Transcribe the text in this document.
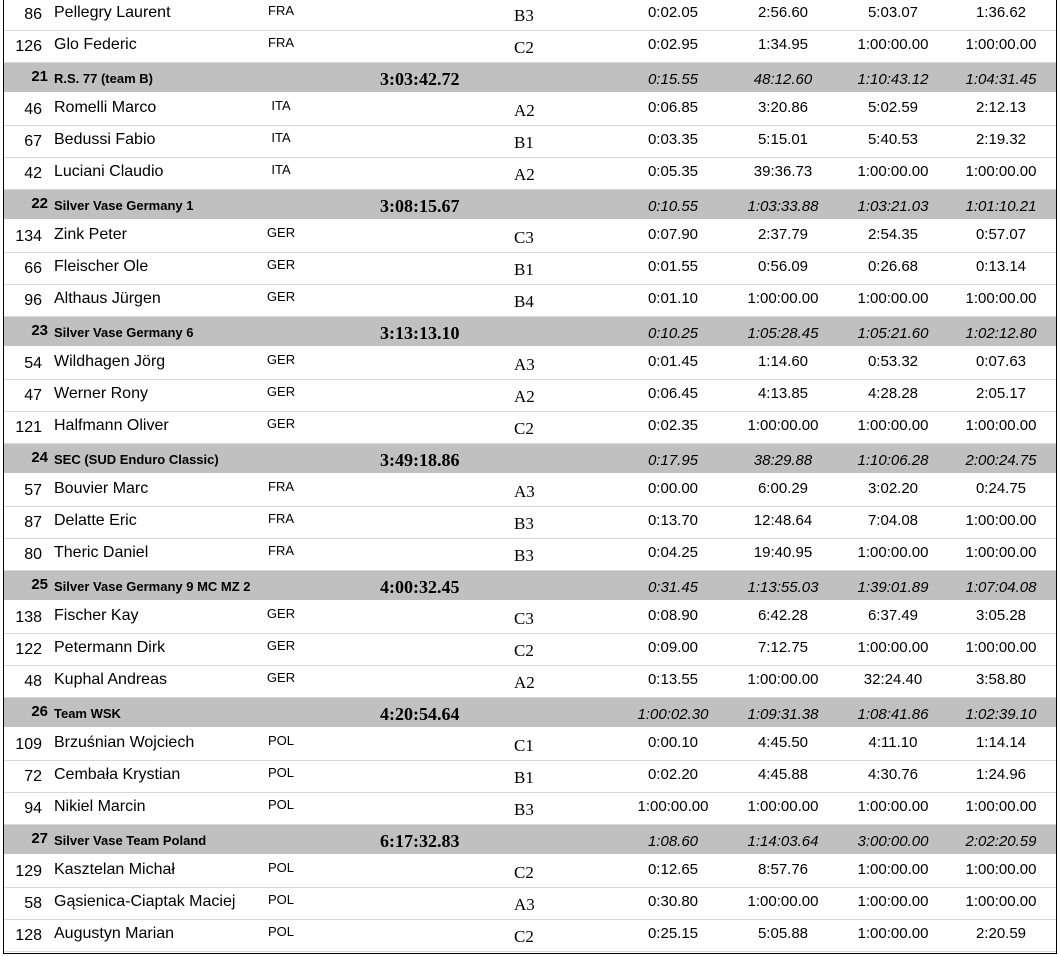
86 Pellegry Laurent	FRA	B3	0:02.05	2:56.60	5:03.07	1:36.62
126 Glo Federic	FRA	C2	0:02.95	1:34.95	1:00:00.00	1:00:00.00
21 R.S. 77 (team B)	3:03:42.72	0:15.55	48:12.60	1:10:43.12	1:04:31.45
46 Romelli Marco	ITA	A2	0:06.85	3:20.86	5:02.59	2:12.13
67 Bedussi Fabio	ITA	B1	0:03.35	5:15.01	5:40.53	2:19.32
42 Luciani Claudio	ITA	A2	0:05.35	39:36.73	1:00:00.00	1:00:00.00
22 Silver Vase Germany 1	3:08:15.67	0:10.55	1:03:33.88	1:03:21.03	1:01:10.21
134 Zink Peter	GER	C3	0:07.90	2:37.79	2:54.35	0:57.07
66 Fleischer Ole	GER	B1	0:01.55	0:56.09	0:26.68	0:13.14
96 Althaus Jürgen	GER	B4	0:01.10	1:00:00.00	1:00:00.00	1:00:00.00
23 Silver Vase Germany 6	3:13:13.10	0:10.25	1:05:28.45	1:05:21.60	1:02:12.80
54 Wildhagen Jörg	GER	A3	0:01.45	1:14.60	0:53.32	0:07.63
47 Werner Rony	GER	A2	0:06.45	4:13.85	4:28.28	2:05.17
121 Halfmann Oliver	GER	C2	0:02.35	1:00:00.00	1:00:00.00	1:00:00.00
24 SEC (SUD Enduro Classic)	3:49:18.86	0:17.95	38:29.88	1:10:06.28	2:00:24.75
57 Bouvier Marc	FRA	A3	0:00.00	6:00.29	3:02.20	0:24.75
87 Delatte Eric	FRA	B3	0:13.70	12:48.64	7:04.08	1:00:00.00
80 Theric Daniel	FRA	B3	0:04.25	19:40.95	1:00:00.00	1:00:00.00
25 Silver Vase Germany 9 MC MZ 2	4:00:32.45	0:31.45	1:13:55.03	1:39:01.89	1:07:04.08
138 Fischer Kay	GER	C3	0:08.90	6:42.28	6:37.49	3:05.28
122 Petermann Dirk	GER	C2	0:09.00	7:12.75	1:00:00.00	1:00:00.00
48 Kuphal Andreas	GER	A2	0:13.55	1:00:00.00	32:24.40	3:58.80
26 Team WSK	4:20:54.64	1:00:02.30	1:09:31.38	1:08:41.86	1:02:39.10
109 Brzuśnian Wojciech	POL	C1	0:00.10	4:45.50	4:11.10	1:14.14
72 Cembała Krystian	POL	B1	0:02.20	4:45.88	4:30.76	1:24.96
94 Nikiel Marcin	POL	B3	1:00:00.00	1:00:00.00	1:00:00.00	1:00:00.00
27 Silver Vase Team Poland	6:17:32.83	1:08.60	1:14:03.64	3:00:00.00	2:02:20.59
129 Kasztelan Michał	POL	C2	0:12.65	8:57.76	1:00:00.00	1:00:00.00
58 Gąsienica-Ciaptak Maciej	POL	A3	0:30.80	1:00:00.00	1:00:00.00	1:00:00.00
128 Augustyn Marian	POL	C2	0:25.15	5:05.88	1:00:00.00	2:20.59
